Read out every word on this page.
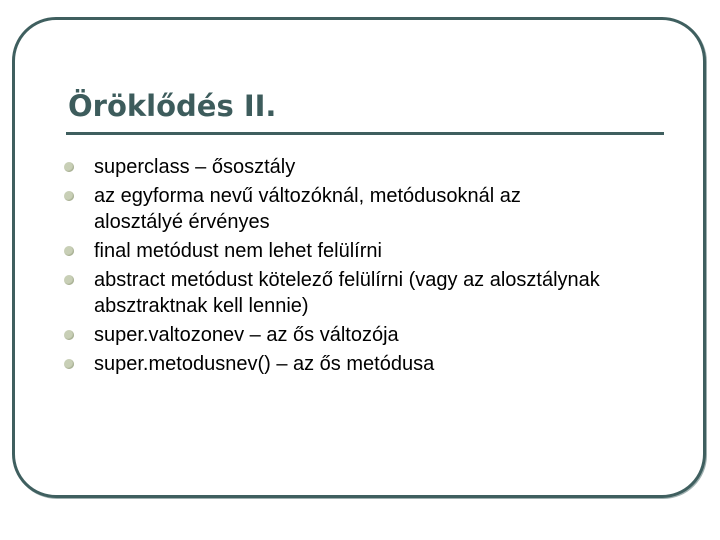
Öröklődés II.
superclass – ősosztály
az egyforma nevű változóknál, metódusoknál az
alosztályé érvényes
final metódust nem lehet felülírni
abstract metódust kötelező felülírni (vagy az alosztálynak
absztraktnak kell lennie)
super.valtozonev – az ős változója
super.metodusnev() – az ős metódusa
